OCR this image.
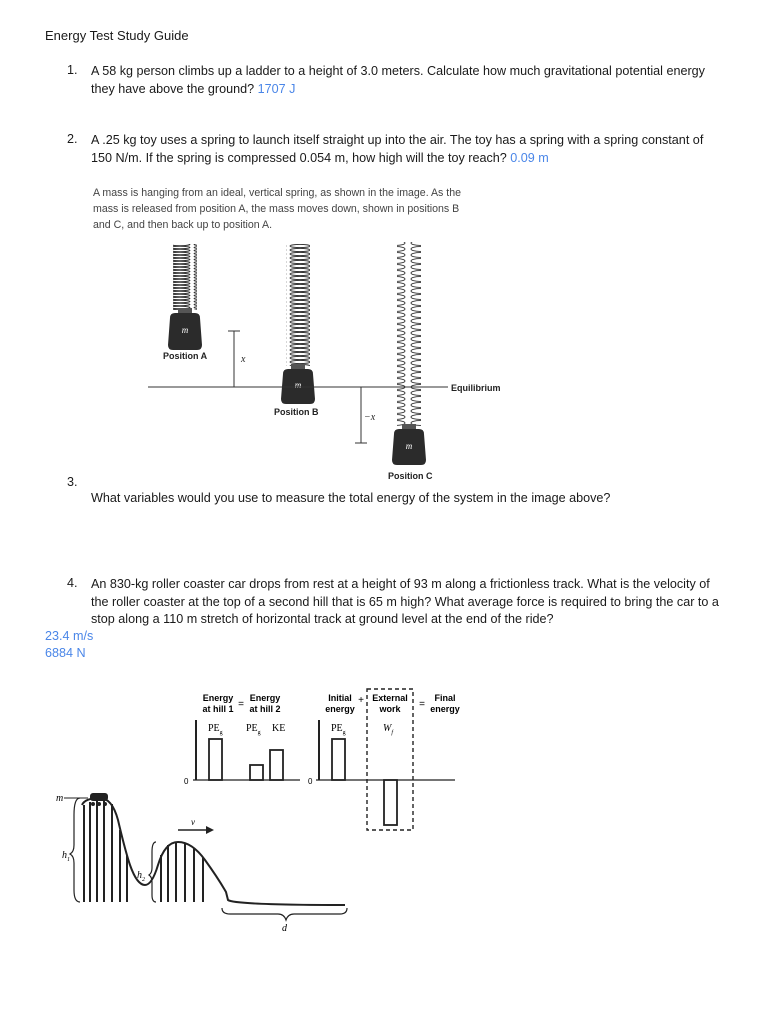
Energy Test Study Guide
1. A 58 kg person climbs up a ladder to a height of 3.0 meters. Calculate how much gravitational potential energy
they have above the ground? 1707 J
2. A .25 kg toy uses a spring to launch itself straight up into the air. The toy has a spring with a spring constant of
150 N/m. If the spring is compressed 0.054 m, how high will the toy reach? 0.09 m
A mass is hanging from an ideal, vertical spring, as shown in the image. As the
mass is released from position A, the mass moves down, shown in positions B
and C, and then back up to position A.
m
m
m
Equilibrium
x
−x
Position A
Position B
Position C
3.
What variables would you use to measure the total energy of the system in the image above?
4. An 830-kg roller coaster car drops from rest at a height of 93 m along a frictionless track. What is the velocity of
the roller coaster at the top of a second hill that is 65 m high? What average force is required to bring the car to a
stop along a 110 m stretch of horizontal track at ground level at the end of the ride?
23.4 m/s
6884 N
Energy
at hill 1 =
Energy
at hill 2
$PE_g$ $PE_g$ KE
0
Initial
energy
+ External
work =
Final
energy
$PE_g$	$W_f$
0
m
v
$h_1$
$h_2$
d
